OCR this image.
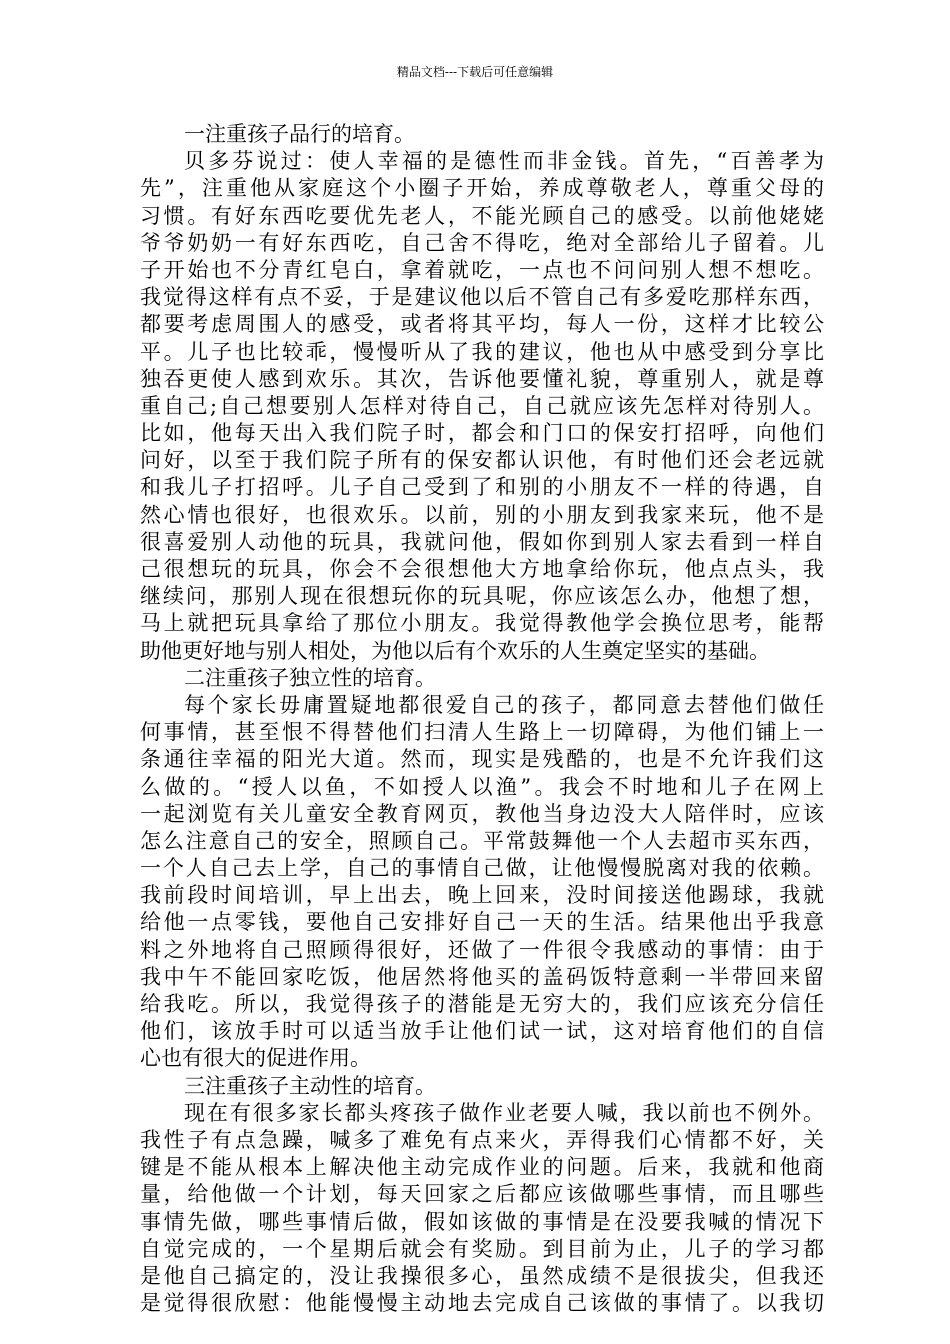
精品文档---下载后可任意编辑
一注重孩子品行的培育。
贝多芬说过：使人幸福的是德性而非金钱。首先，“百善孝为
先”，注重他从家庭这个小圈子开始，养成尊敬老人，尊重父母的
习惯。有好东西吃要优先老人，不能光顾自己的感受。以前他姥姥
爷爷奶奶一有好东西吃，自己舍不得吃，绝对全部给儿子留着。儿
子开始也不分青红皂白，拿着就吃，一点也不问问别人想不想吃。
我觉得这样有点不妥，于是建议他以后不管自己有多爱吃那样东西，
都要考虑周围人的感受，或者将其平均，每人一份，这样才比较公
平。儿子也比较乖，慢慢听从了我的建议，他也从中感受到分享比
独吞更使人感到欢乐。其次，告诉他要懂礼貌，尊重别人，就是尊
重自己;自己想要别人怎样对待自己，自己就应该先怎样对待别人。
比如，他每天出入我们院子时，都会和门口的保安打招呼，向他们
问好，以至于我们院子所有的保安都认识他，有时他们还会老远就
和我儿子打招呼。儿子自己受到了和别的小朋友不一样的待遇，自
然心情也很好，也很欢乐。以前，别的小朋友到我家来玩，他不是
很喜爱别人动他的玩具，我就问他，假如你到别人家去看到一样自
己很想玩的玩具，你会不会很想他大方地拿给你玩，他点点头，我
继续问，那别人现在很想玩你的玩具呢，你应该怎么办，他想了想，
马上就把玩具拿给了那位小朋友。我觉得教他学会换位思考，能帮
助他更好地与别人相处，为他以后有个欢乐的人生奠定坚实的基础。
二注重孩子独立性的培育。
每个家长毋庸置疑地都很爱自己的孩子，都同意去替他们做任
何事情，甚至恨不得替他们扫清人生路上一切障碍，为他们铺上一
条通往幸福的阳光大道。然而，现实是残酷的，也是不允许我们这
么做的。“授人以鱼，不如授人以渔”。我会不时地和儿子在网上
一起浏览有关儿童安全教育网页，教他当身边没大人陪伴时，应该
怎么注意自己的安全，照顾自己。平常鼓舞他一个人去超市买东西，
一个人自己去上学，自己的事情自己做，让他慢慢脱离对我的依赖。
我前段时间培训，早上出去，晚上回来，没时间接送他踢球，我就
给他一点零钱，要他自己安排好自己一天的生活。结果他出乎我意
料之外地将自己照顾得很好，还做了一件很令我感动的事情：由于
我中午不能回家吃饭，他居然将他买的盖码饭特意剩一半带回来留
给我吃。所以，我觉得孩子的潜能是无穷大的，我们应该充分信任
他们，该放手时可以适当放手让他们试一试，这对培育他们的自信
心也有很大的促进作用。
三注重孩子主动性的培育。
现在有很多家长都头疼孩子做作业老要人喊，我以前也不例外。
我性子有点急躁，喊多了难免有点来火，弄得我们心情都不好，关
键是不能从根本上解决他主动完成作业的问题。后来，我就和他商
量，给他做一个计划，每天回家之后都应该做哪些事情，而且哪些
事情先做，哪些事情后做，假如该做的事情是在没要我喊的情况下
自觉完成的，一个星期后就会有奖励。到目前为止，儿子的学习都
是他自己搞定的，没让我操很多心，虽然成绩不是很拔尖，但我还
是觉得很欣慰：他能慢慢主动地去完成自己该做的事情了。以我切
